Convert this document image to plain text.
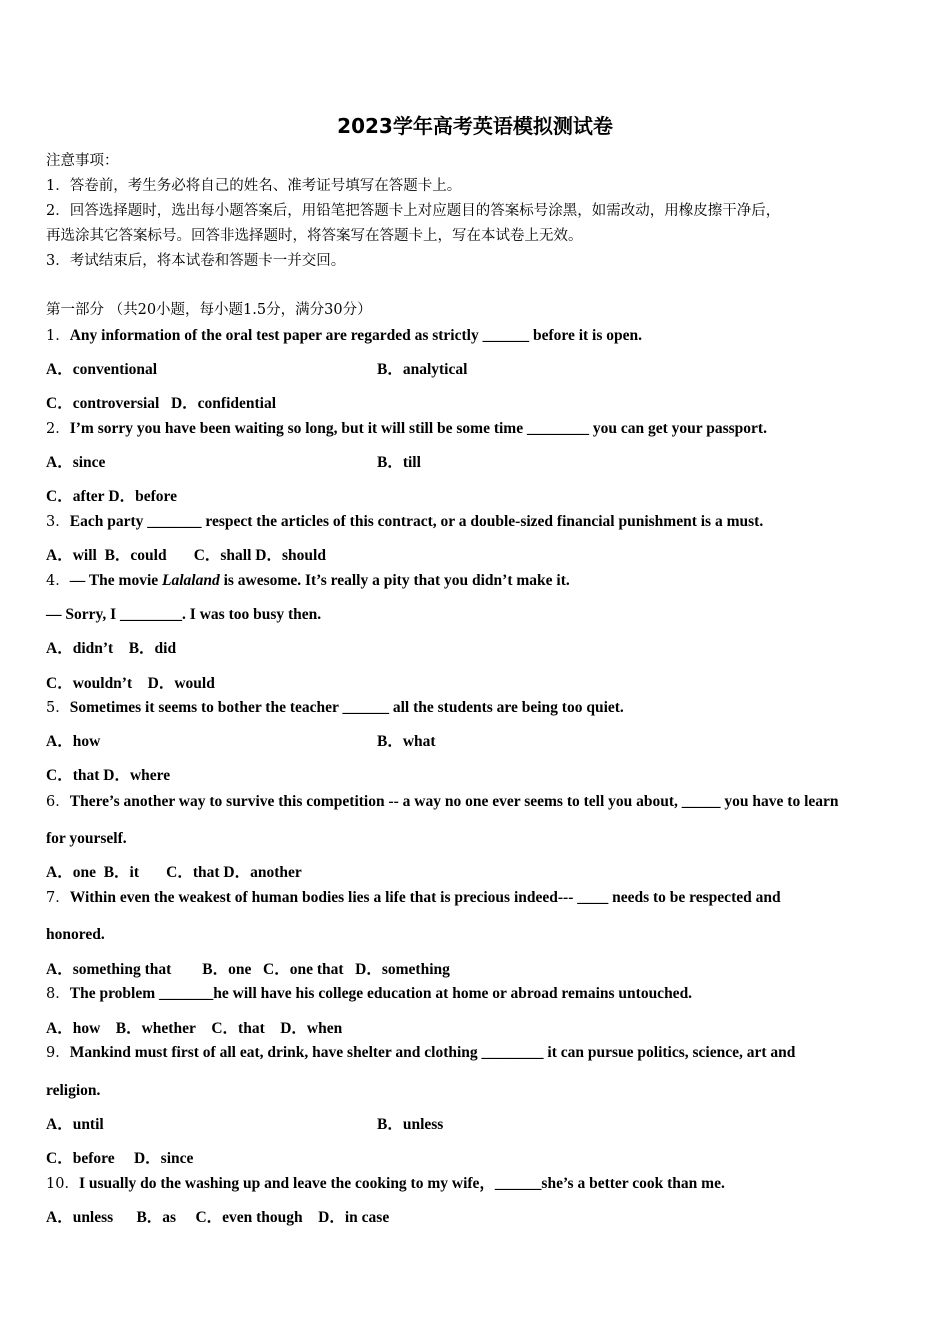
2023学年高考英语模拟测试卷
注意事项：
1．答卷前，考生务必将自己的姓名、准考证号填写在答题卡上。
2．回答选择题时，选出每小题答案后，用铅笔把答题卡上对应题目的答案标号涂黑，如需改动，用橡皮擦干净后，
再选涂其它答案标号。回答非选择题时，将答案写在答题卡上，写在本试卷上无效。
3．考试结束后，将本试卷和答题卡一并交回。
第一部分 （共20小题，每小题1.5分，满分30分）
1．Any information of the oral test paper are regarded as strictly ______ before it is open.
A．conventional	B．analytical
C．controversial D．confidential
2．I’m sorry you have been waiting so long, but it will still be some time ________ you can get your passport.
A．since	B．till
C．after D．before
3．Each party _______ respect the articles of this contract, or a double-sized financial punishment is a must.
A．will B．could C．shall D．should
4．— The movie Lalaland is awesome. It’s really a pity that you didn’t make it.
— Sorry, I ________. I was too busy then.
A．didn’t B．did
C．wouldn’t D．would
5．Sometimes it seems to bother the teacher ______ all the students are being too quiet.
A．how	B．what
C．that D．where
6．There’s another way to survive this competition -- a way no one ever seems to tell you about, _____ you have to learn
for yourself.
A．one B．it C．that D．another
7．Within even the weakest of human bodies lies a life that is precious indeed--- ____ needs to be respected and
honored.
A．something that B．one C．one that D．something
8．The problem _______he will have his college education at home or abroad remains untouched.
A．how B．whether C．that D．when
9．Mankind must first of all eat, drink, have shelter and clothing ________ it can pursue politics, science, art and
religion.
A．until	B．unless
C．before D．since
10．I usually do the washing up and leave the cooking to my wife，______she’s a better cook than me.
A．unless B．as C．even though D．in case
